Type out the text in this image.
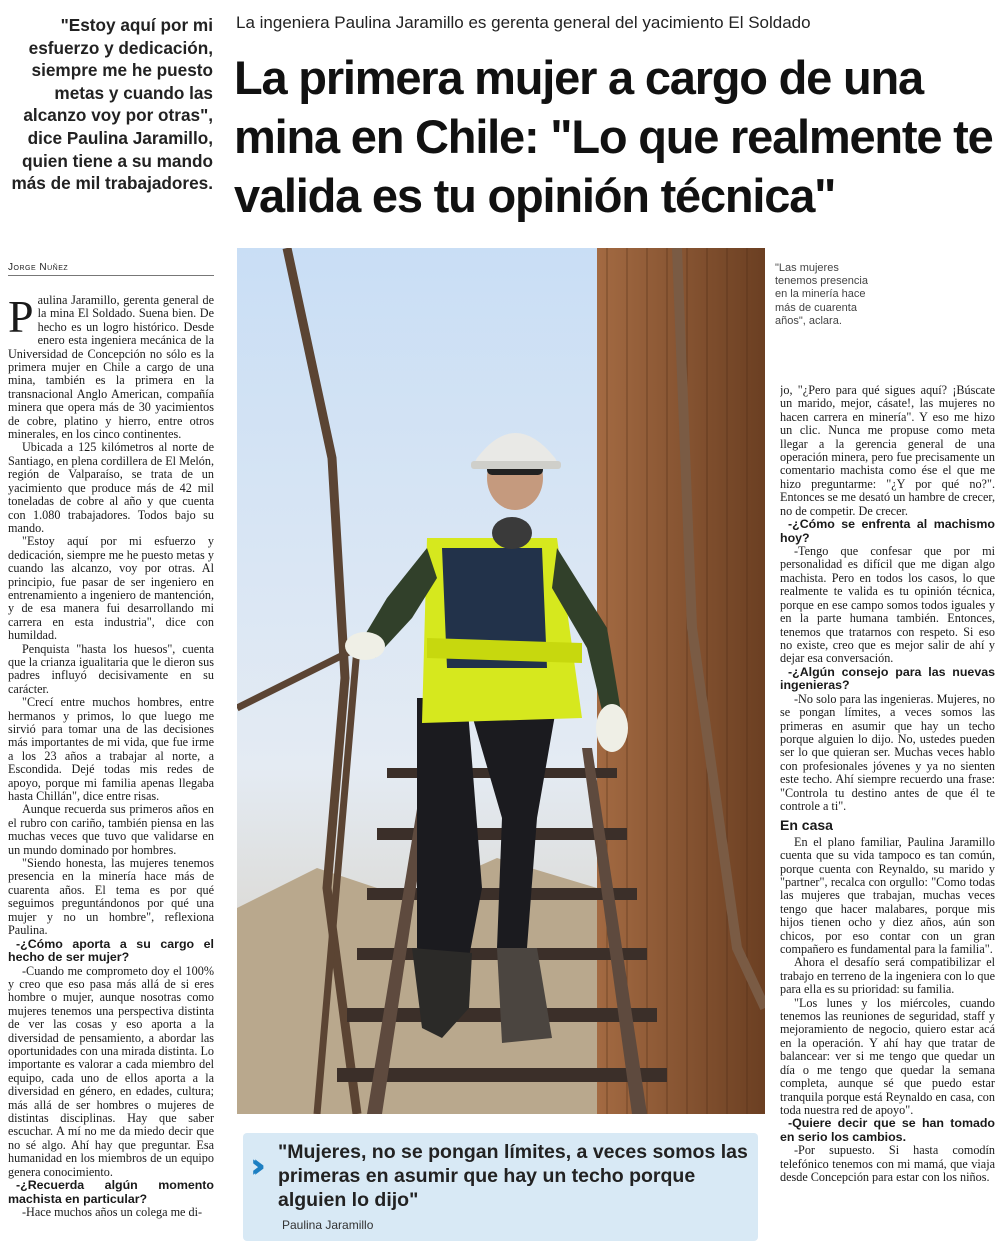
"Estoy aquí por mi esfuerzo y dedicación, siempre me he puesto metas y cuando las alcanzo voy por otras", dice Paulina Jaramillo, quien tiene a su mando más de mil trabajadores.
La ingeniera Paulina Jaramillo es gerenta general del yacimiento El Soldado
La primera mujer a cargo de una mina en Chile: "Lo que realmente te valida es tu opinión técnica"
Jorge Nuñez

Paulina Jaramillo, gerenta general de la mina El Soldado. Suena bien. De hecho es un logro histórico. Desde enero esta ingeniera mecánica de la Universidad de Concepción no sólo es la primera mujer en Chile a cargo de una mina, también es la primera en la transnacional Anglo American, compañía minera que opera más de 30 yacimientos de cobre, platino y hierro, entre otros minerales, en los cinco continentes.

Ubicada a 125 kilómetros al norte de Santiago, en plena cordillera de El Melón, región de Valparaíso, se trata de un yacimiento que produce más de 42 mil toneladas de cobre al año y que cuenta con 1.080 trabajadores. Todos bajo su mando.

"Estoy aquí por mi esfuerzo y dedicación, siempre me he puesto metas y cuando las alcanzo, voy por otras. Al principio, fue pasar de ser ingeniero en entrenamiento a ingeniero de mantención, y de esa manera fui desarrollando mi carrera en esta industria", dice con humildad.

Penquista "hasta los huesos", cuenta que la crianza igualitaria que le dieron sus padres influyó decisivamente en su carácter.

"Crecí entre muchos hombres, entre hermanos y primos, lo que luego me sirvió para tomar una de las decisiones más importantes de mi vida, que fue irme a los 23 años a trabajar al norte, a Escondida. Dejé todas mis redes de apoyo, porque mi familia apenas llegaba hasta Chillán", dice entre risas.

Aunque recuerda sus primeros años en el rubro con cariño, también piensa en las muchas veces que tuvo que validarse en un mundo dominado por hombres.

"Siendo honesta, las mujeres tenemos presencia en la minería hace más de cuarenta años. El tema es por qué seguimos preguntándonos por qué una mujer y no un hombre", reflexiona Paulina.

-¿Cómo aporta a su cargo el hecho de ser mujer?

-Cuando me comprometo doy el 100% y creo que eso pasa más allá de si eres hombre o mujer, aunque nosotras como mujeres tenemos una perspectiva distinta de ver las cosas y eso aporta a la diversidad de pensamiento, a abordar las oportunidades con una mirada distinta. Lo importante es valorar a cada miembro del equipo, cada uno de ellos aporta a la diversidad en género, en edades, cultura; más allá de ser hombres o mujeres de distintas disciplinas. Hay que saber escuchar. A mí no me da miedo decir que no sé algo. Ahí hay que preguntar. Esa humanidad en los miembros de un equipo genera conocimiento.

-¿Recuerda algún momento machista en particular?

-Hace muchos años un colega me di-

"Las mujeres tenemos presencia en la minería hace más de cuarenta años", aclara.

jo, "¿Pero para qué sigues aquí? ¡Búscate un marido, mejor, cásate!, las mujeres no hacen carrera en minería". Y eso me hizo un clic. Nunca me propuse como meta llegar a la gerencia general de una operación minera, pero fue precisamente un comentario machista como ése el que me hizo preguntarme: "¿Y por qué no?". Entonces se me desató un hambre de crecer, no de competir. De crecer.

-¿Cómo se enfrenta al machismo hoy?

-Tengo que confesar que por mi personalidad es difícil que me digan algo machista. Pero en todos los casos, lo que realmente te valida es tu opinión técnica, porque en ese campo somos todos iguales y en la parte humana también. Entonces, tenemos que tratarnos con respeto. Si eso no existe, creo que es mejor salir de ahí y dejar esa conversación.

-¿Algún consejo para las nuevas ingenieras?

-No solo para las ingenieras. Mujeres, no se pongan límites, a veces somos las primeras en asumir que hay un techo porque alguien lo dijo. No, ustedes pueden ser lo que quieran ser. Muchas veces hablo con profesionales jóvenes y ya no sienten este techo. Ahí siempre recuerdo una frase: "Controla tu destino antes de que él te controle a ti".

En casa

En el plano familiar, Paulina Jaramillo cuenta que su vida tampoco es tan común, porque cuenta con Reynaldo, su marido y "partner", recalca con orgullo: "Como todas las mujeres que trabajan, muchas veces tengo que hacer malabares, porque mis hijos tienen ocho y diez años, aún son chicos, por eso contar con un gran compañero es fundamental para la familia".

Ahora el desafío será compatibilizar el trabajo en terreno de la ingeniera con lo que para ella es su prioridad: su familia.

"Los lunes y los miércoles, cuando tenemos las reuniones de seguridad, staff y mejoramiento de negocio, quiero estar acá en la operación. Y ahí hay que tratar de balancear: ver si me tengo que quedar un día o me tengo que quedar la semana completa, aunque sé que puedo estar tranquila porque está Reynaldo en casa, con toda nuestra red de apoyo".

-Quiere decir que se han tomado en serio los cambios.

-Por supuesto. Si hasta comodín telefónico tenemos con mi mamá, que viaja desde Concepción para estar con los niños.

›› "Mujeres, no se pongan límites, a veces somos las primeras en asumir que hay un techo porque alguien lo dijo"
Paulina Jaramillo
